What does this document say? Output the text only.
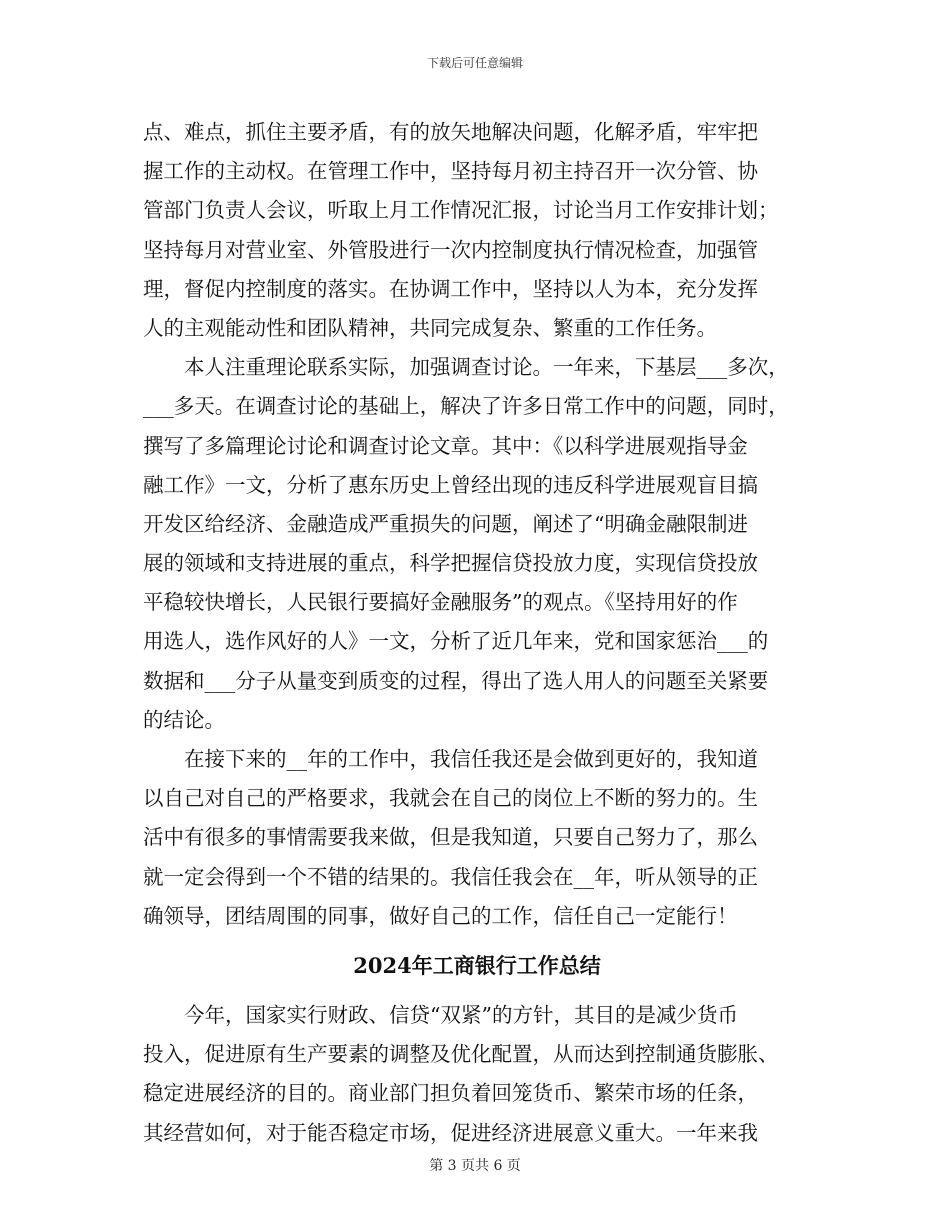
下载后可任意编辑
点、难点，抓住主要矛盾，有的放矢地解决问题，化解矛盾，牢牢把
握工作的主动权。在管理工作中，坚持每月初主持召开一次分管、协
管部门负责人会议，听取上月工作情况汇报，讨论当月工作安排计划；
坚持每月对营业室、外管股进行一次内控制度执行情况检查，加强管
理，督促内控制度的落实。在协调工作中，坚持以人为本，充分发挥
人的主观能动性和团队精神，共同完成复杂、繁重的工作任务。
本人注重理论联系实际，加强调查讨论。一年来，下基层___多次，
___多天。在调查讨论的基础上，解决了许多日常工作中的问题，同时，
撰写了多篇理论讨论和调查讨论文章。其中：《以科学进展观指导金
融工作》一文，分析了惠东历史上曾经出现的违反科学进展观盲目搞
开发区给经济、金融造成严重损失的问题，阐述了“明确金融限制进
展的领域和支持进展的重点，科学把握信贷投放力度，实现信贷投放
平稳较快增长，人民银行要搞好金融服务”的观点。《坚持用好的作
用选人，选作风好的人》一文，分析了近几年来，党和国家惩治___的
数据和___分子从量变到质变的过程，得出了选人用人的问题至关紧要
的结论。
在接下来的__年的工作中，我信任我还是会做到更好的，我知道
以自己对自己的严格要求，我就会在自己的岗位上不断的努力的。生
活中有很多的事情需要我来做，但是我知道，只要自己努力了，那么
就一定会得到一个不错的结果的。我信任我会在__年，听从领导的正
确领导，团结周围的同事，做好自己的工作，信任自己一定能行！
2024年工商银行工作总结
今年，国家实行财政、信贷“双紧”的方针，其目的是减少货币
投入，促进原有生产要素的调整及优化配置，从而达到控制通货膨胀、
稳定进展经济的目的。商业部门担负着回笼货币、繁荣市场的任条，
其经营如何，对于能否稳定市场，促进经济进展意义重大。一年来我
第 3 页共 6 页
